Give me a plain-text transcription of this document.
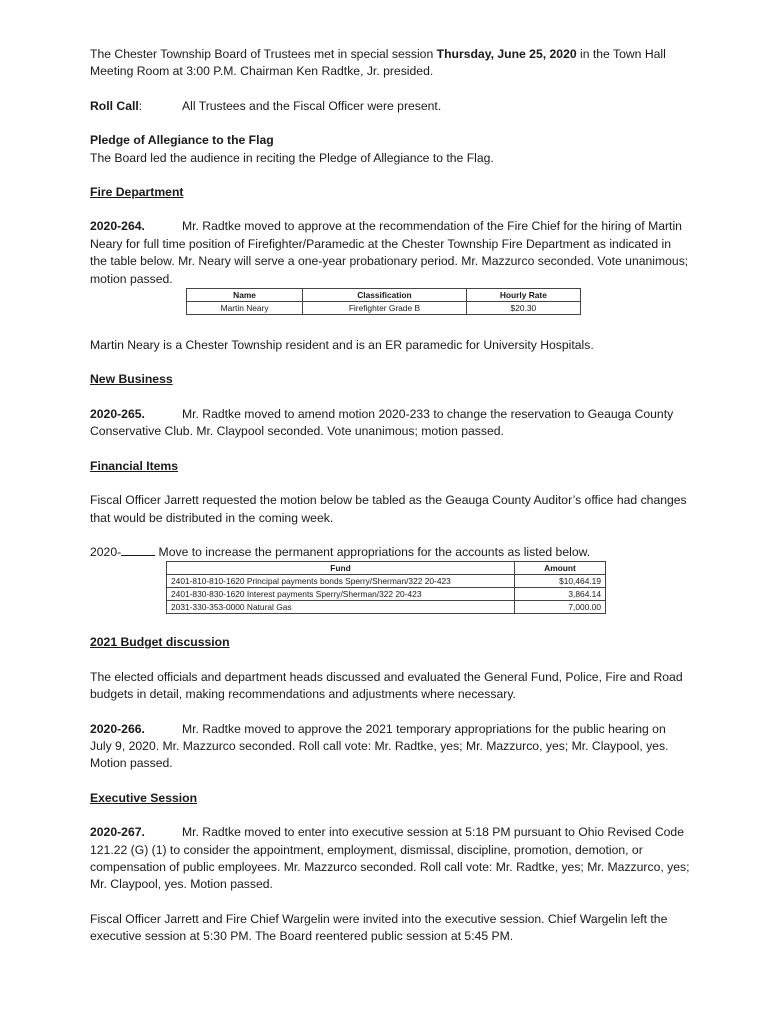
The Chester Township Board of Trustees met in special session Thursday, June 25, 2020 in the Town Hall Meeting Room at 3:00 P.M. Chairman Ken Radtke, Jr. presided.

Roll Call:	All Trustees and the Fiscal Officer were present.

Pledge of Allegiance to the Flag

The Board led the audience in reciting the Pledge of Allegiance to the Flag.

Fire Department

2020-264.	Mr. Radtke moved to approve at the recommendation of the Fire Chief for the hiring of Martin Neary for full time position of Firefighter/Paramedic at the Chester Township Fire Department as indicated in the table below. Mr. Neary will serve a one-year probationary period. Mr. Mazzurco seconded. Vote unanimous; motion passed.

Name	Classification	Hourly Rate
Martin Neary	Firefighter Grade B	$20.30

Martin Neary is a Chester Township resident and is an ER paramedic for University Hospitals.

New Business

2020-265.	Mr. Radtke moved to amend motion 2020-233 to change the reservation to Geauga County Conservative Club. Mr. Claypool seconded. Vote unanimous; motion passed.

Financial Items

Fiscal Officer Jarrett requested the motion below be tabled as the Geauga County Auditor’s office had changes that would be distributed in the coming week.

2020-	Move to increase the permanent appropriations for the accounts as listed below.

Fund	Amount
2401-810-810-1620 Principal payments bonds Sperry/Sherman/322 20-423	$10,464.19
2401-830-830-1620 Interest payments Sperry/Sherman/322 20-423	3,864.14
2031-330-353-0000 Natural Gas	7,000.00

2021 Budget discussion

The elected officials and department heads discussed and evaluated the General Fund, Police, Fire and Road budgets in detail, making recommendations and adjustments where necessary.

2020-266.	Mr. Radtke moved to approve the 2021 temporary appropriations for the public hearing on July 9, 2020. Mr. Mazzurco seconded. Roll call vote: Mr. Radtke, yes; Mr. Mazzurco, yes; Mr. Claypool, yes. Motion passed.

Executive Session

2020-267.	Mr. Radtke moved to enter into executive session at 5:18 PM pursuant to Ohio Revised Code 121.22 (G) (1) to consider the appointment, employment, dismissal, discipline, promotion, demotion, or compensation of public employees. Mr. Mazzurco seconded. Roll call vote: Mr. Radtke, yes; Mr. Mazzurco, yes; Mr. Claypool, yes. Motion passed.

Fiscal Officer Jarrett and Fire Chief Wargelin were invited into the executive session. Chief Wargelin left the executive session at 5:30 PM. The Board reentered public session at 5:45 PM.
